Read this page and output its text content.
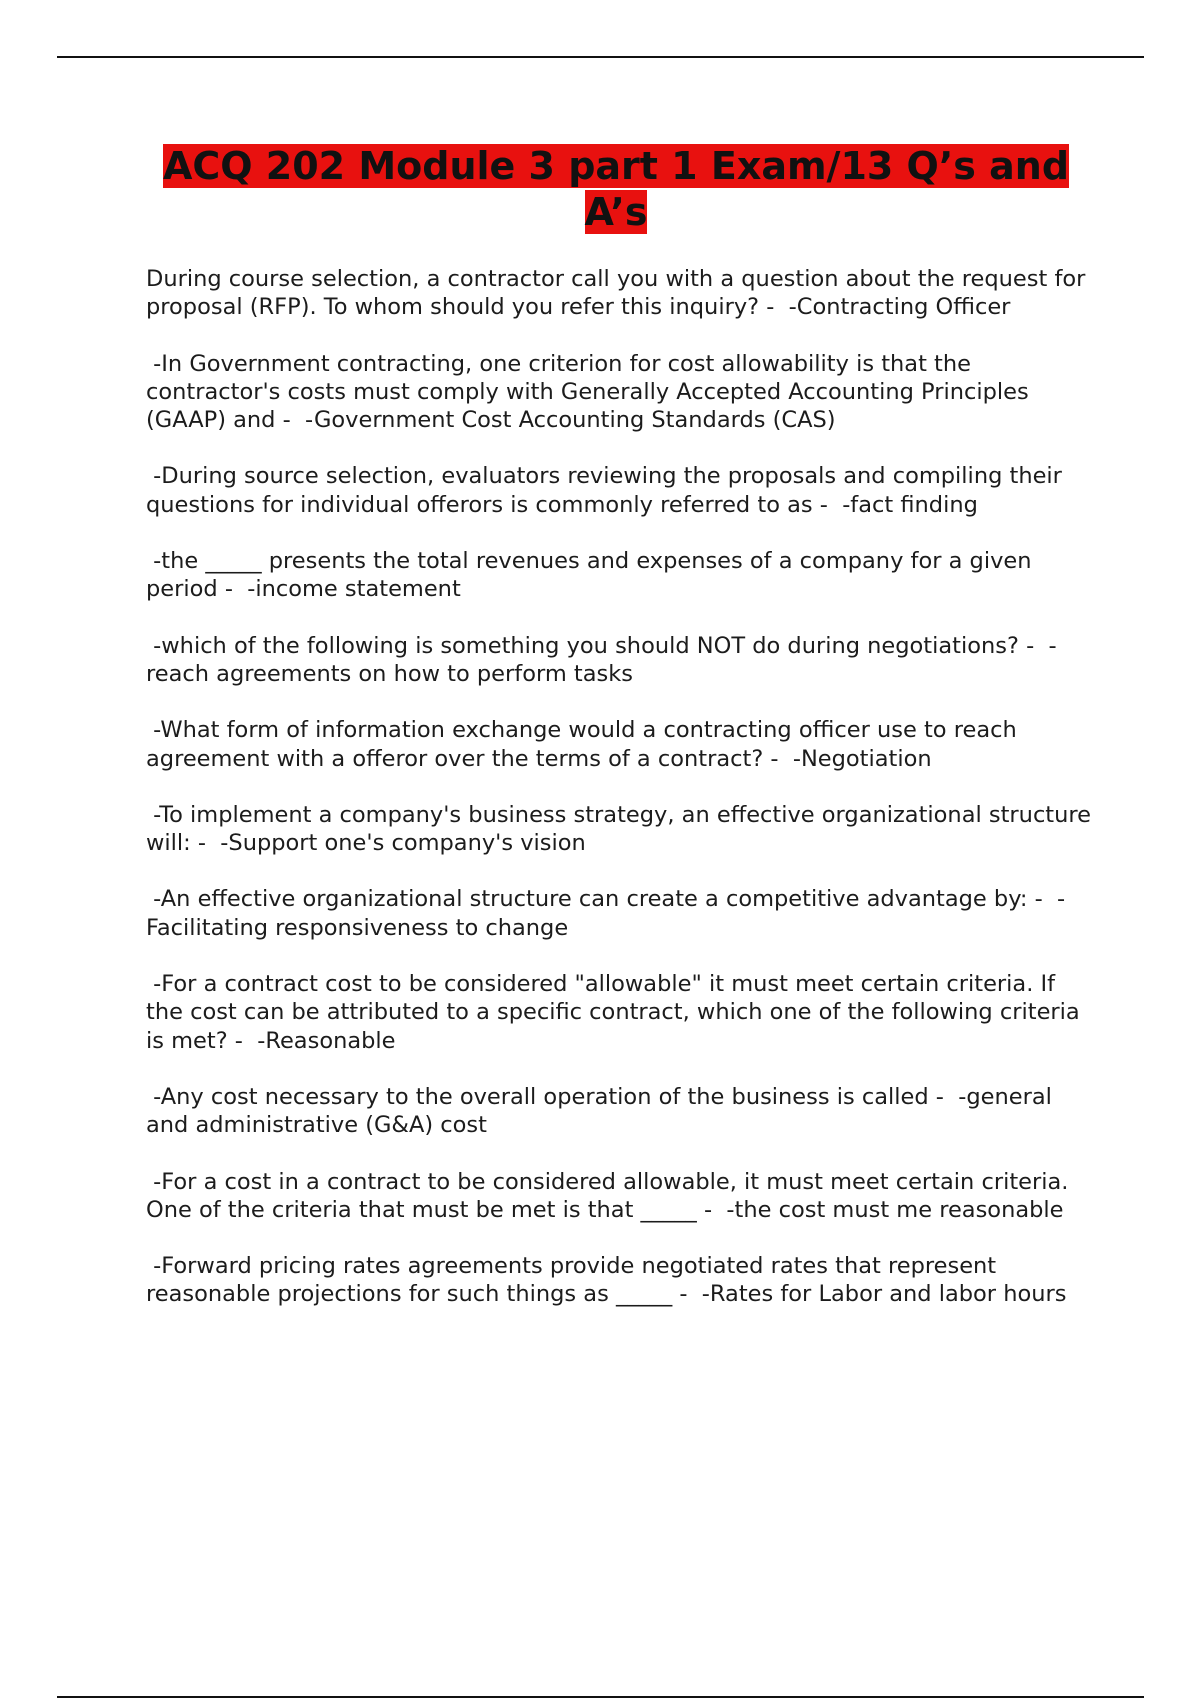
ACQ 202 Module 3 part 1 Exam/13 Q’s and A’s

During course selection, a contractor call you with a question about the request for proposal (RFP). To whom should you refer this inquiry? -  -Contracting Officer

-In Government contracting, one criterion for cost allowability is that the contractor's costs must comply with Generally Accepted Accounting Principles (GAAP) and -  -Government Cost Accounting Standards (CAS)

-During source selection, evaluators reviewing the proposals and compiling their questions for individual offerors is commonly referred to as -  -fact finding

-the _____ presents the total revenues and expenses of a company for a given period -  -income statement

-which of the following is something you should NOT do during negotiations? -  -reach agreements on how to perform tasks

-What form of information exchange would a contracting officer use to reach agreement with a offeror over the terms of a contract? -  -Negotiation

-To implement a company's business strategy, an effective organizational structure will: -  -Support one's company's vision

-An effective organizational structure can create a competitive advantage by: -  -Facilitating responsiveness to change

-For a contract cost to be considered "allowable" it must meet certain criteria. If the cost can be attributed to a specific contract, which one of the following criteria is met? -  -Reasonable

-Any cost necessary to the overall operation of the business is called -  -general and administrative (G&A) cost

-For a cost in a contract to be considered allowable, it must meet certain criteria. One of the criteria that must be met is that _____ -  -the cost must me reasonable

-Forward pricing rates agreements provide negotiated rates that represent reasonable projections for such things as _____ -  -Rates for Labor and labor hours
